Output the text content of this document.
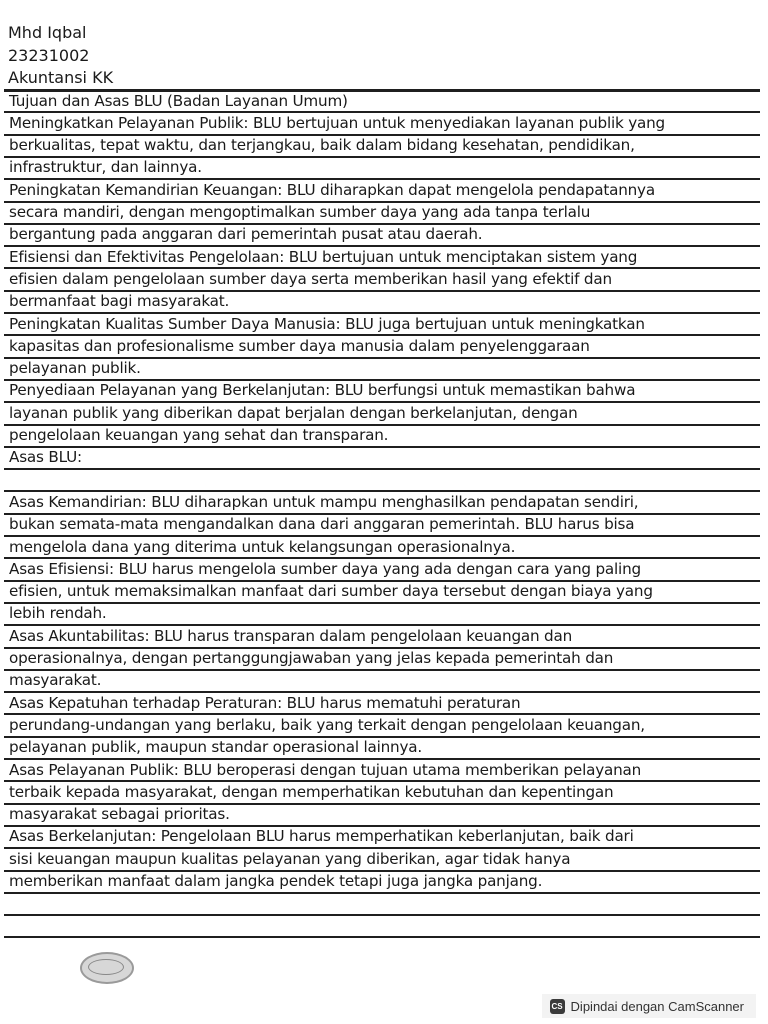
Mhd Iqbal
23231002
Akuntansi KK
Tujuan dan Asas BLU (Badan Layanan Umum)
Meningkatkan Pelayanan Publik: BLU bertujuan untuk menyediakan layanan publik yang
berkualitas, tepat waktu, dan terjangkau, baik dalam bidang kesehatan, pendidikan,
infrastruktur, dan lainnya.
Peningkatan Kemandirian Keuangan: BLU diharapkan dapat mengelola pendapatannya
secara mandiri, dengan mengoptimalkan sumber daya yang ada tanpa terlalu
bergantung pada anggaran dari pemerintah pusat atau daerah.
Efisiensi dan Efektivitas Pengelolaan: BLU bertujuan untuk menciptakan sistem yang
efisien dalam pengelolaan sumber daya serta memberikan hasil yang efektif dan
bermanfaat bagi masyarakat.
Peningkatan Kualitas Sumber Daya Manusia: BLU juga bertujuan untuk meningkatkan
kapasitas dan profesionalisme sumber daya manusia dalam penyelenggaraan
pelayanan publik.
Penyediaan Pelayanan yang Berkelanjutan: BLU berfungsi untuk memastikan bahwa
layanan publik yang diberikan dapat berjalan dengan berkelanjutan, dengan
pengelolaan keuangan yang sehat dan transparan.
Asas BLU:
Asas Kemandirian: BLU diharapkan untuk mampu menghasilkan pendapatan sendiri,
bukan semata-mata mengandalkan dana dari anggaran pemerintah. BLU harus bisa
mengelola dana yang diterima untuk kelangsungan operasionalnya.
Asas Efisiensi: BLU harus mengelola sumber daya yang ada dengan cara yang paling
efisien, untuk memaksimalkan manfaat dari sumber daya tersebut dengan biaya yang
lebih rendah.
Asas Akuntabilitas: BLU harus transparan dalam pengelolaan keuangan dan
operasionalnya, dengan pertanggungjawaban yang jelas kepada pemerintah dan
masyarakat.
Asas Kepatuhan terhadap Peraturan: BLU harus mematuhi peraturan
perundang-undangan yang berlaku, baik yang terkait dengan pengelolaan keuangan,
pelayanan publik, maupun standar operasional lainnya.
Asas Pelayanan Publik: BLU beroperasi dengan tujuan utama memberikan pelayanan
terbaik kepada masyarakat, dengan memperhatikan kebutuhan dan kepentingan
masyarakat sebagai prioritas.
Asas Berkelanjutan: Pengelolaan BLU harus memperhatikan keberlanjutan, baik dari
sisi keuangan maupun kualitas pelayanan yang diberikan, agar tidak hanya
memberikan manfaat dalam jangka pendek tetapi juga jangka panjang.
CS Dipindai dengan CamScanner
